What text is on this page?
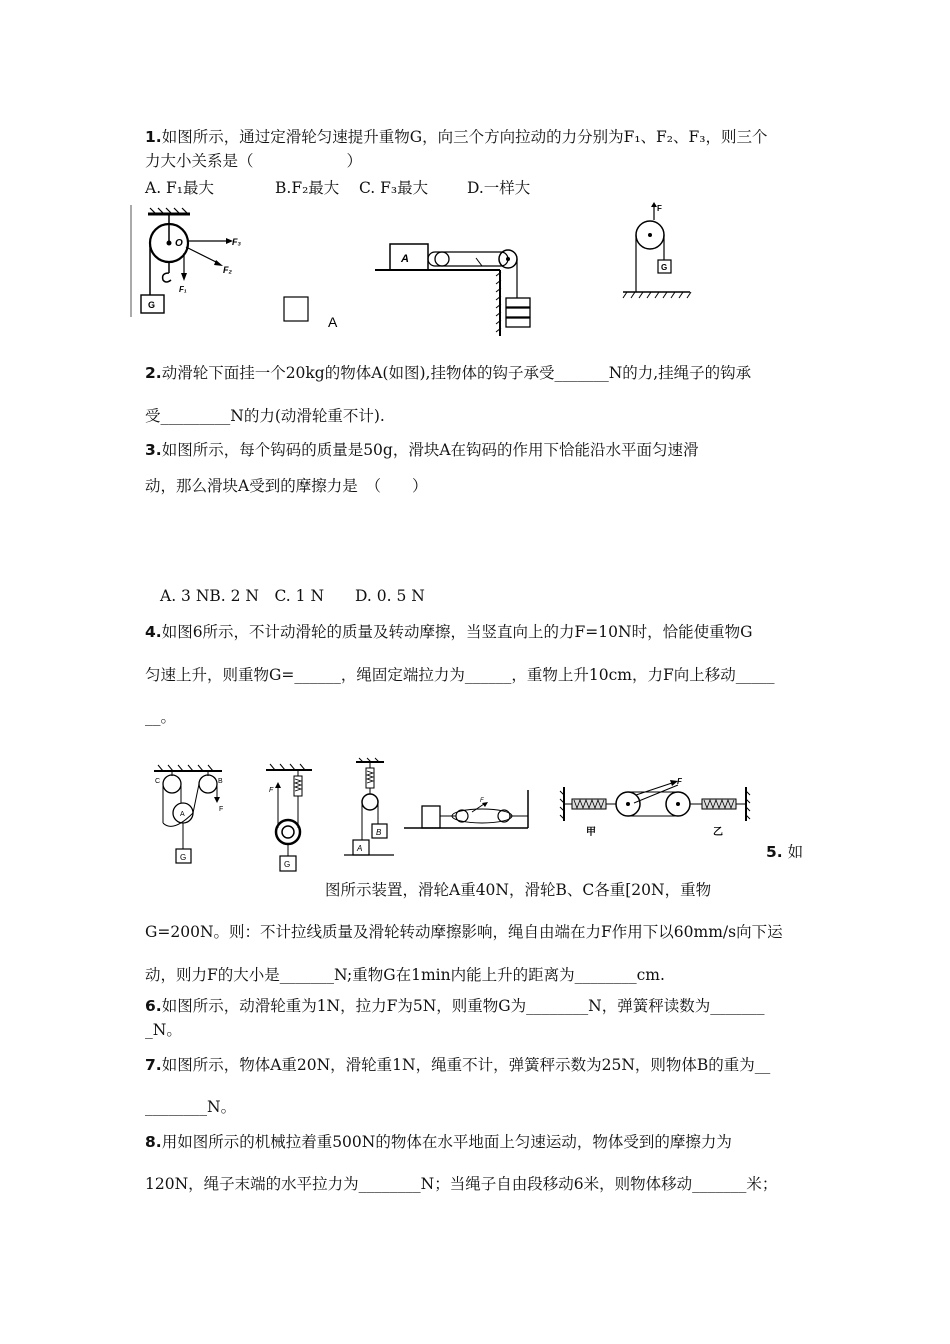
1.如图所示，通过定滑轮匀速提升重物G，向三个方向拉动的力分别为F₁、F₂、F₃，则三个
力大小关系是（　　　　　　）
A. F₁最大	B.F₂最大 C. F₃最大	D.一样大
O	F₃
F₂
F₁
G
A
A
F
G
2.动滑轮下面挂一个20kg的物体A(如图),挂物体的钩子承受_______N的力,挂绳子的钩承
受_________N的力(动滑轮重不计).
3.如图所示，每个钩码的质量是50g，滑块A在钩码的作用下恰能沿水平面匀速滑
动，那么滑块A受到的摩擦力是　（　　）
A. 3 NB. 2 N　C. 1 N　　D. 0. 5 N
4.如图6所示，不计动滑轮的质量及转动摩擦，当竖直向上的力F=10N时，恰能使重物G
匀速上升，则重物G=______，绳固定端拉力为______，重物上升10cm，力F向上移动_____
__。
C	B
A
F
G
F
G
B
A
F
甲
F
乙
5. 如
图所示装置，滑轮A重40N，滑轮B、C各重[20N，重物
G=200N。则：不计拉线质量及滑轮转动摩擦影响，绳自由端在力F作用下以60mm/s向下运
动，则力F的大小是_______N;重物G在1min内能上升的距离为________cm.
6.如图所示，动滑轮重为1N，拉力F为5N，则重物G为________N，弹簧秤读数为_______
_N。
7.如图所示，物体A重20N，滑轮重1N，绳重不计，弹簧秤示数为25N，则物体B的重为__
________N。
8.用如图所示的机械拉着重500N的物体在水平地面上匀速运动，物体受到的摩擦力为
120N，绳子末端的水平拉力为________N；当绳子自由段移动6米，则物体移动_______米；
